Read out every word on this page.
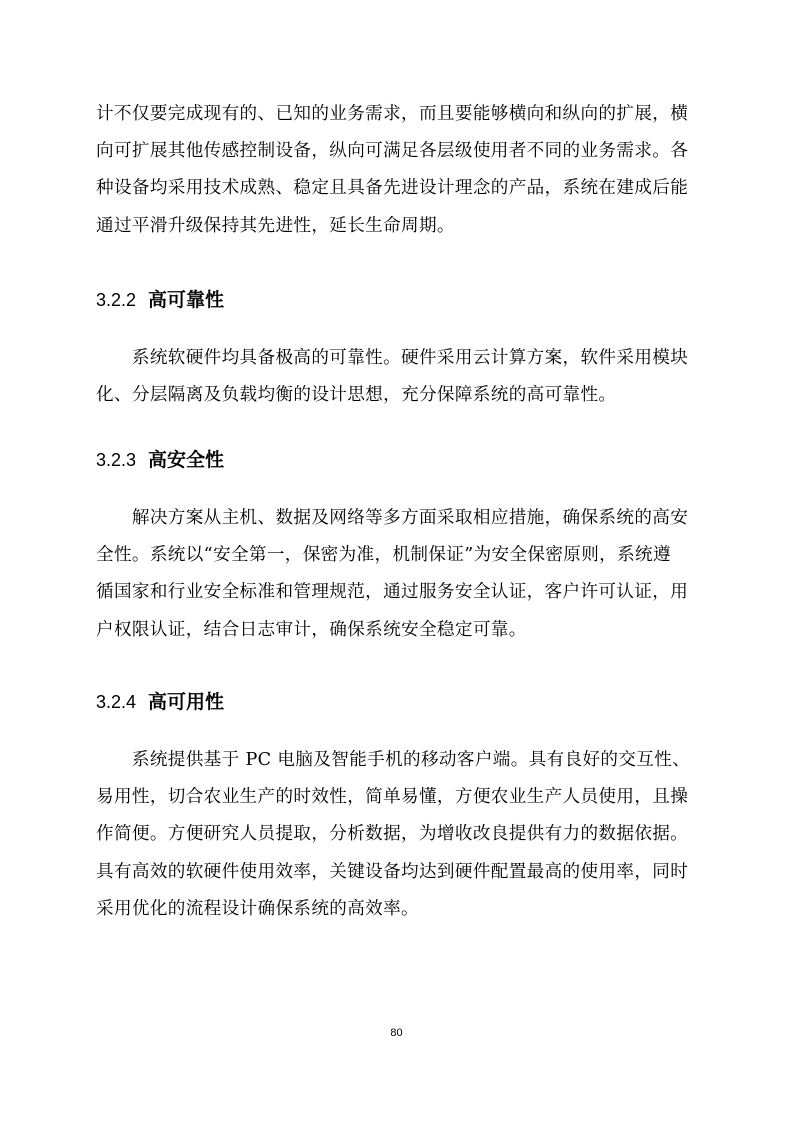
计不仅要完成现有的、已知的业务需求，而且要能够横向和纵向的扩展，横
向可扩展其他传感控制设备，纵向可满足各层级使用者不同的业务需求。各
种设备均采用技术成熟、稳定且具备先进设计理念的产品，系统在建成后能
通过平滑升级保持其先进性，延长生命周期。

3.2.2 高可靠性

　　系统软硬件均具备极高的可靠性。硬件采用云计算方案，软件采用模块
化、分层隔离及负载均衡的设计思想，充分保障系统的高可靠性。

3.2.3 高安全性

　　解决方案从主机、数据及网络等多方面采取相应措施，确保系统的高安
全性。系统以“安全第一，保密为准，机制保证”为安全保密原则，系统遵
循国家和行业安全标准和管理规范，通过服务安全认证，客户许可认证，用
户权限认证，结合日志审计，确保系统安全稳定可靠。

3.2.4 高可用性

　　系统提供基于 PC 电脑及智能手机的移动客户端。具有良好的交互性、
易用性，切合农业生产的时效性，简单易懂，方便农业生产人员使用，且操
作简便。方便研究人员提取，分析数据，为增收改良提供有力的数据依据。
具有高效的软硬件使用效率，关键设备均达到硬件配置最高的使用率，同时
采用优化的流程设计确保系统的高效率。

80
